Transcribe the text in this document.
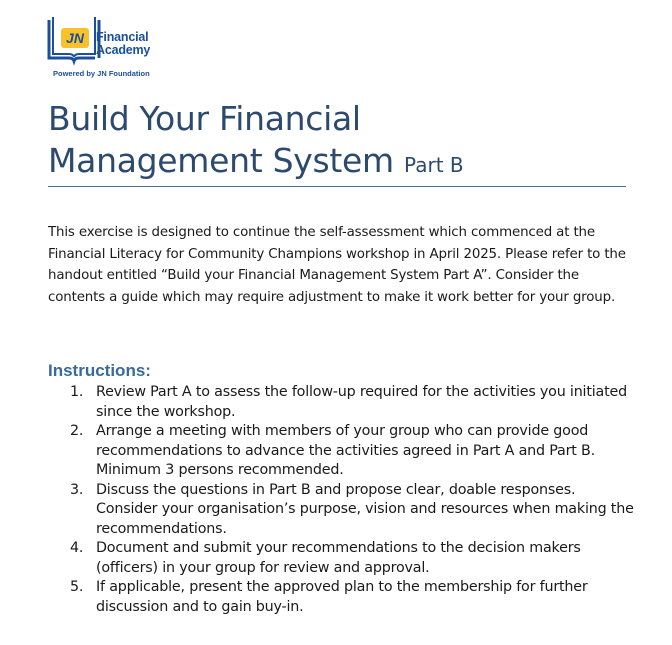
JN Financial
Academy
Powered by JN Foundation
Build Your Financial
Management System Part B

This exercise is designed to continue the self-assessment which commenced at the Financial Literacy for Community Champions workshop in April 2025. Please refer to the handout entitled “Build your Financial Management System Part A”. Consider the contents a guide which may require adjustment to make it work better for your group.

Instructions:
1. Review Part A to assess the follow-up required for the activities you initiated since the workshop.
2. Arrange a meeting with members of your group who can provide good recommendations to advance the activities agreed in Part A and Part B. Minimum 3 persons recommended.
3. Discuss the questions in Part B and propose clear, doable responses. Consider your organisation’s purpose, vision and resources when making the recommendations.
4. Document and submit your recommendations to the decision makers (officers) in your group for review and approval.
5. If applicable, present the approved plan to the membership for further discussion and to gain buy-in.
